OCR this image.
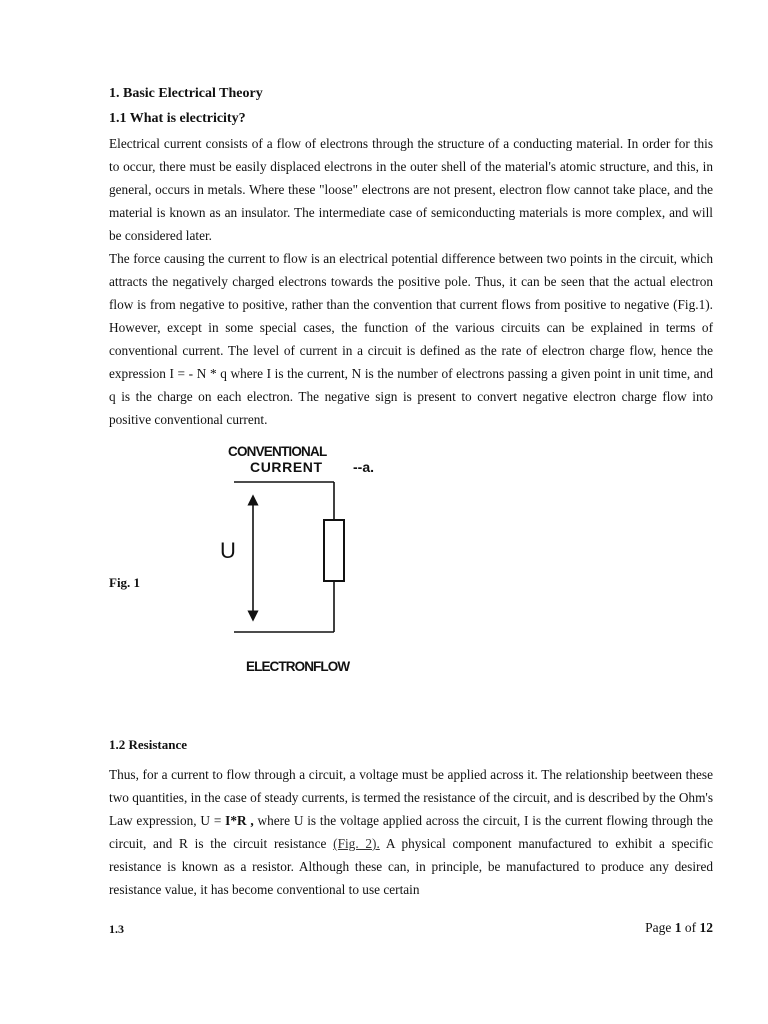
1. Basic Electrical Theory
1.1 What is electricity?

Electrical current consists of a flow of electrons through the structure of a conducting material. In order for this to occur, there must be easily displaced electrons in the outer shell of the material's atomic structure, and this, in general, occurs in metals. Where these "loose" electrons are not present, electron flow cannot take place, and the material is known as an insulator. The intermediate case of semiconducting materials is more complex, and will be considered later.

The force causing the current to flow is an electrical potential difference between two points in the circuit, which attracts the negatively charged electrons towards the positive pole. Thus, it can be seen that the actual electron flow is from negative to positive, rather than the convention that current flows from positive to negative (Fig.1). However, except in some special cases, the function of the various circuits can be explained in terms of conventional current. The level of current in a circuit is defined as the rate of electron charge flow, hence the expression I = - N * q where I is the current, N is the number of electrons passing a given point in unit time, and q is the charge on each electron. The negative sign is present to convert negative electron charge flow into positive conventional current.

Fig. 1
CONVENTIONAL
CURRENT --a.
U
ELECTRONFLOW
1.2 Resistance

Thus, for a current to flow through a circuit, a voltage must be applied across it. The relationship beetween these two quantities, in the case of steady currents, is termed the resistance of the circuit, and is described by the Ohm's Law expression, U = I*R , where U is the voltage applied across the circuit, I is the current flowing through the circuit, and R is the circuit resistance (Fig. 2). A physical component manufactured to exhibit a specific resistance is known as a resistor. Although these can, in principle, be manufactured to produce any desired resistance value, it has become conventional to use certain

1.3	Page 1 of 12
